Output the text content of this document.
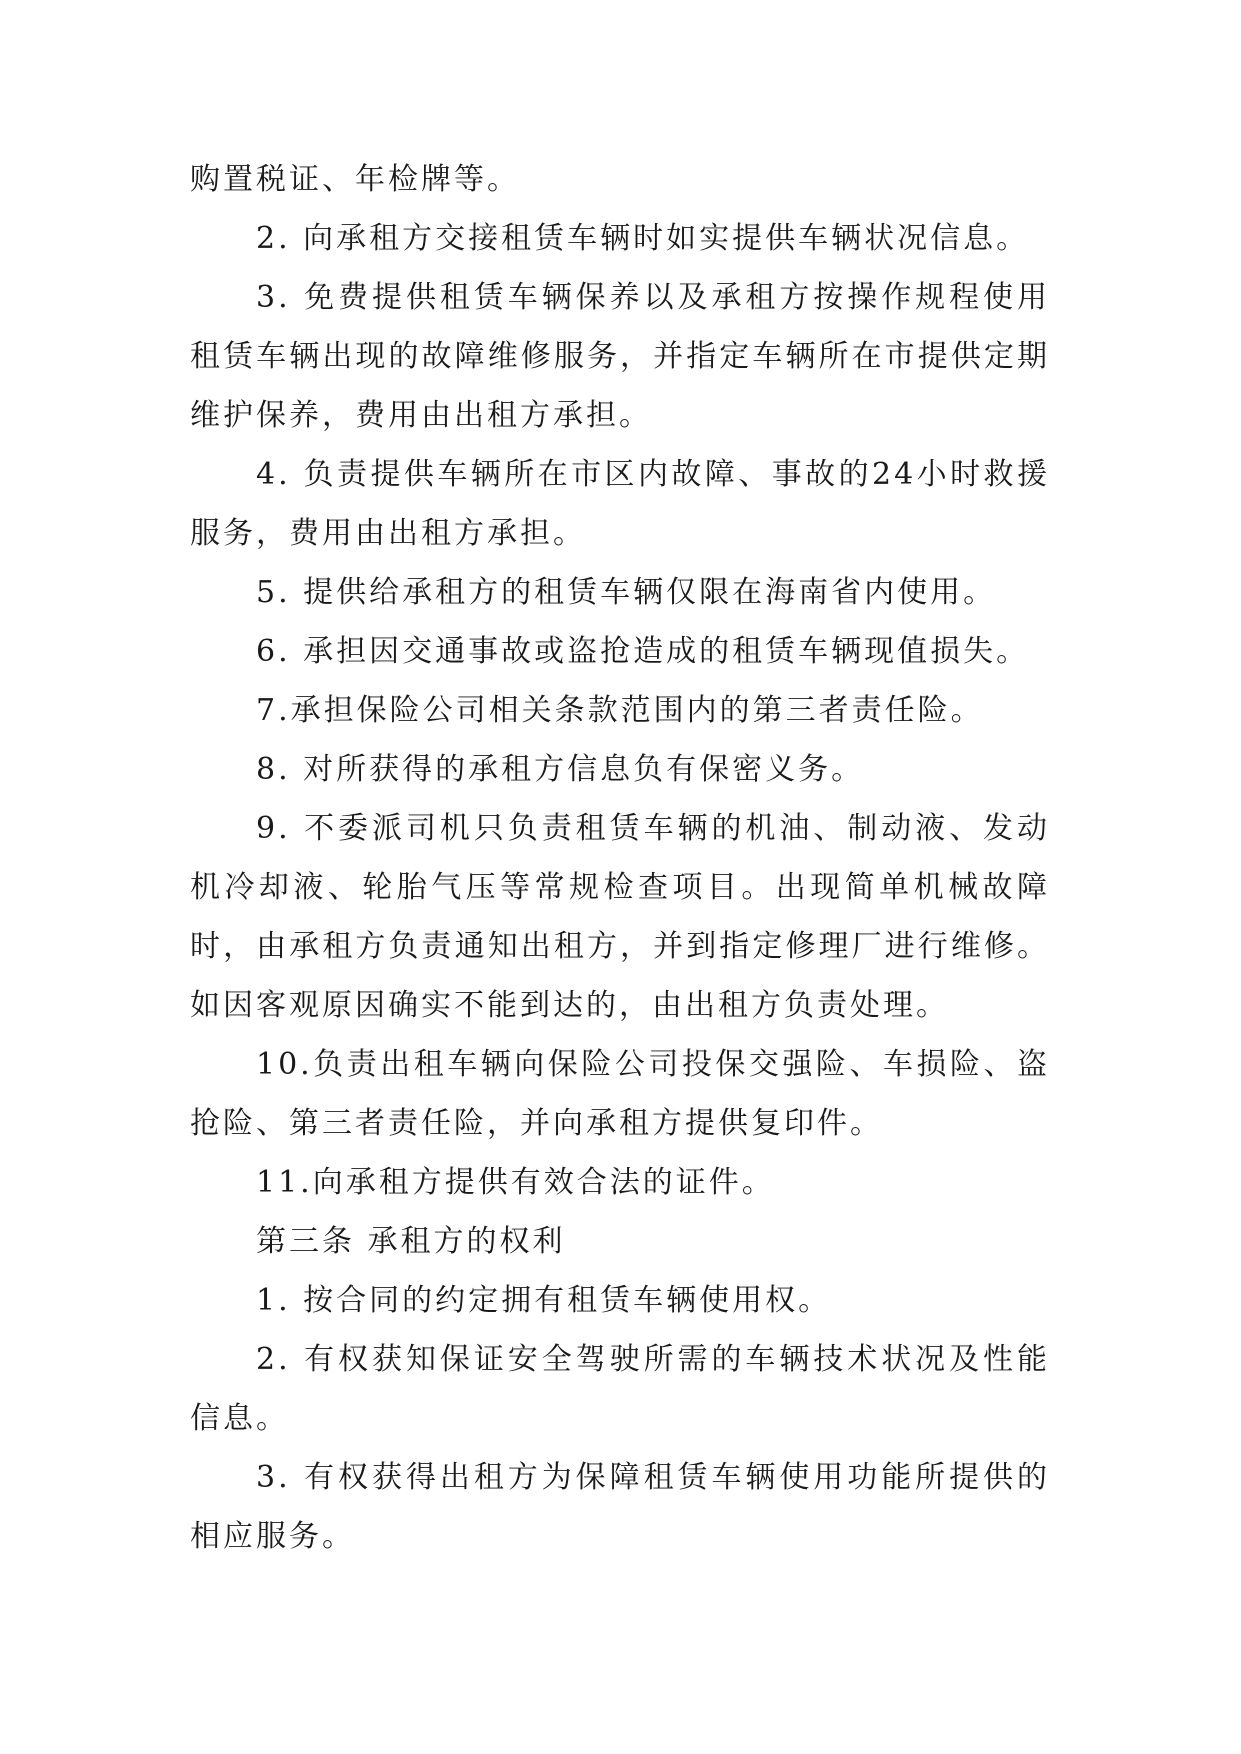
购置税证、年检牌等。

2. 向承租方交接租赁车辆时如实提供车辆状况信息。

3. 免费提供租赁车辆保养以及承租方按操作规程使用租赁车辆出现的故障维修服务，并指定车辆所在市提供定期维护保养，费用由出租方承担。

4. 负责提供车辆所在市区内故障、事故的24小时救援服务，费用由出租方承担。

5. 提供给承租方的租赁车辆仅限在海南省内使用。

6. 承担因交通事故或盗抢造成的租赁车辆现值损失。

7.承担保险公司相关条款范围内的第三者责任险。

8. 对所获得的承租方信息负有保密义务。

9. 不委派司机只负责租赁车辆的机油、制动液、发动机冷却液、轮胎气压等常规检查项目。出现简单机械故障时，由承租方负责通知出租方，并到指定修理厂进行维修。如因客观原因确实不能到达的，由出租方负责处理。

10.负责出租车辆向保险公司投保交强险、车损险、盗抢险、第三者责任险，并向承租方提供复印件。

11.向承租方提供有效合法的证件。

第三条 承租方的权利

1. 按合同的约定拥有租赁车辆使用权。

2. 有权获知保证安全驾驶所需的车辆技术状况及性能信息。

3. 有权获得出租方为保障租赁车辆使用功能所提供的相应服务。
